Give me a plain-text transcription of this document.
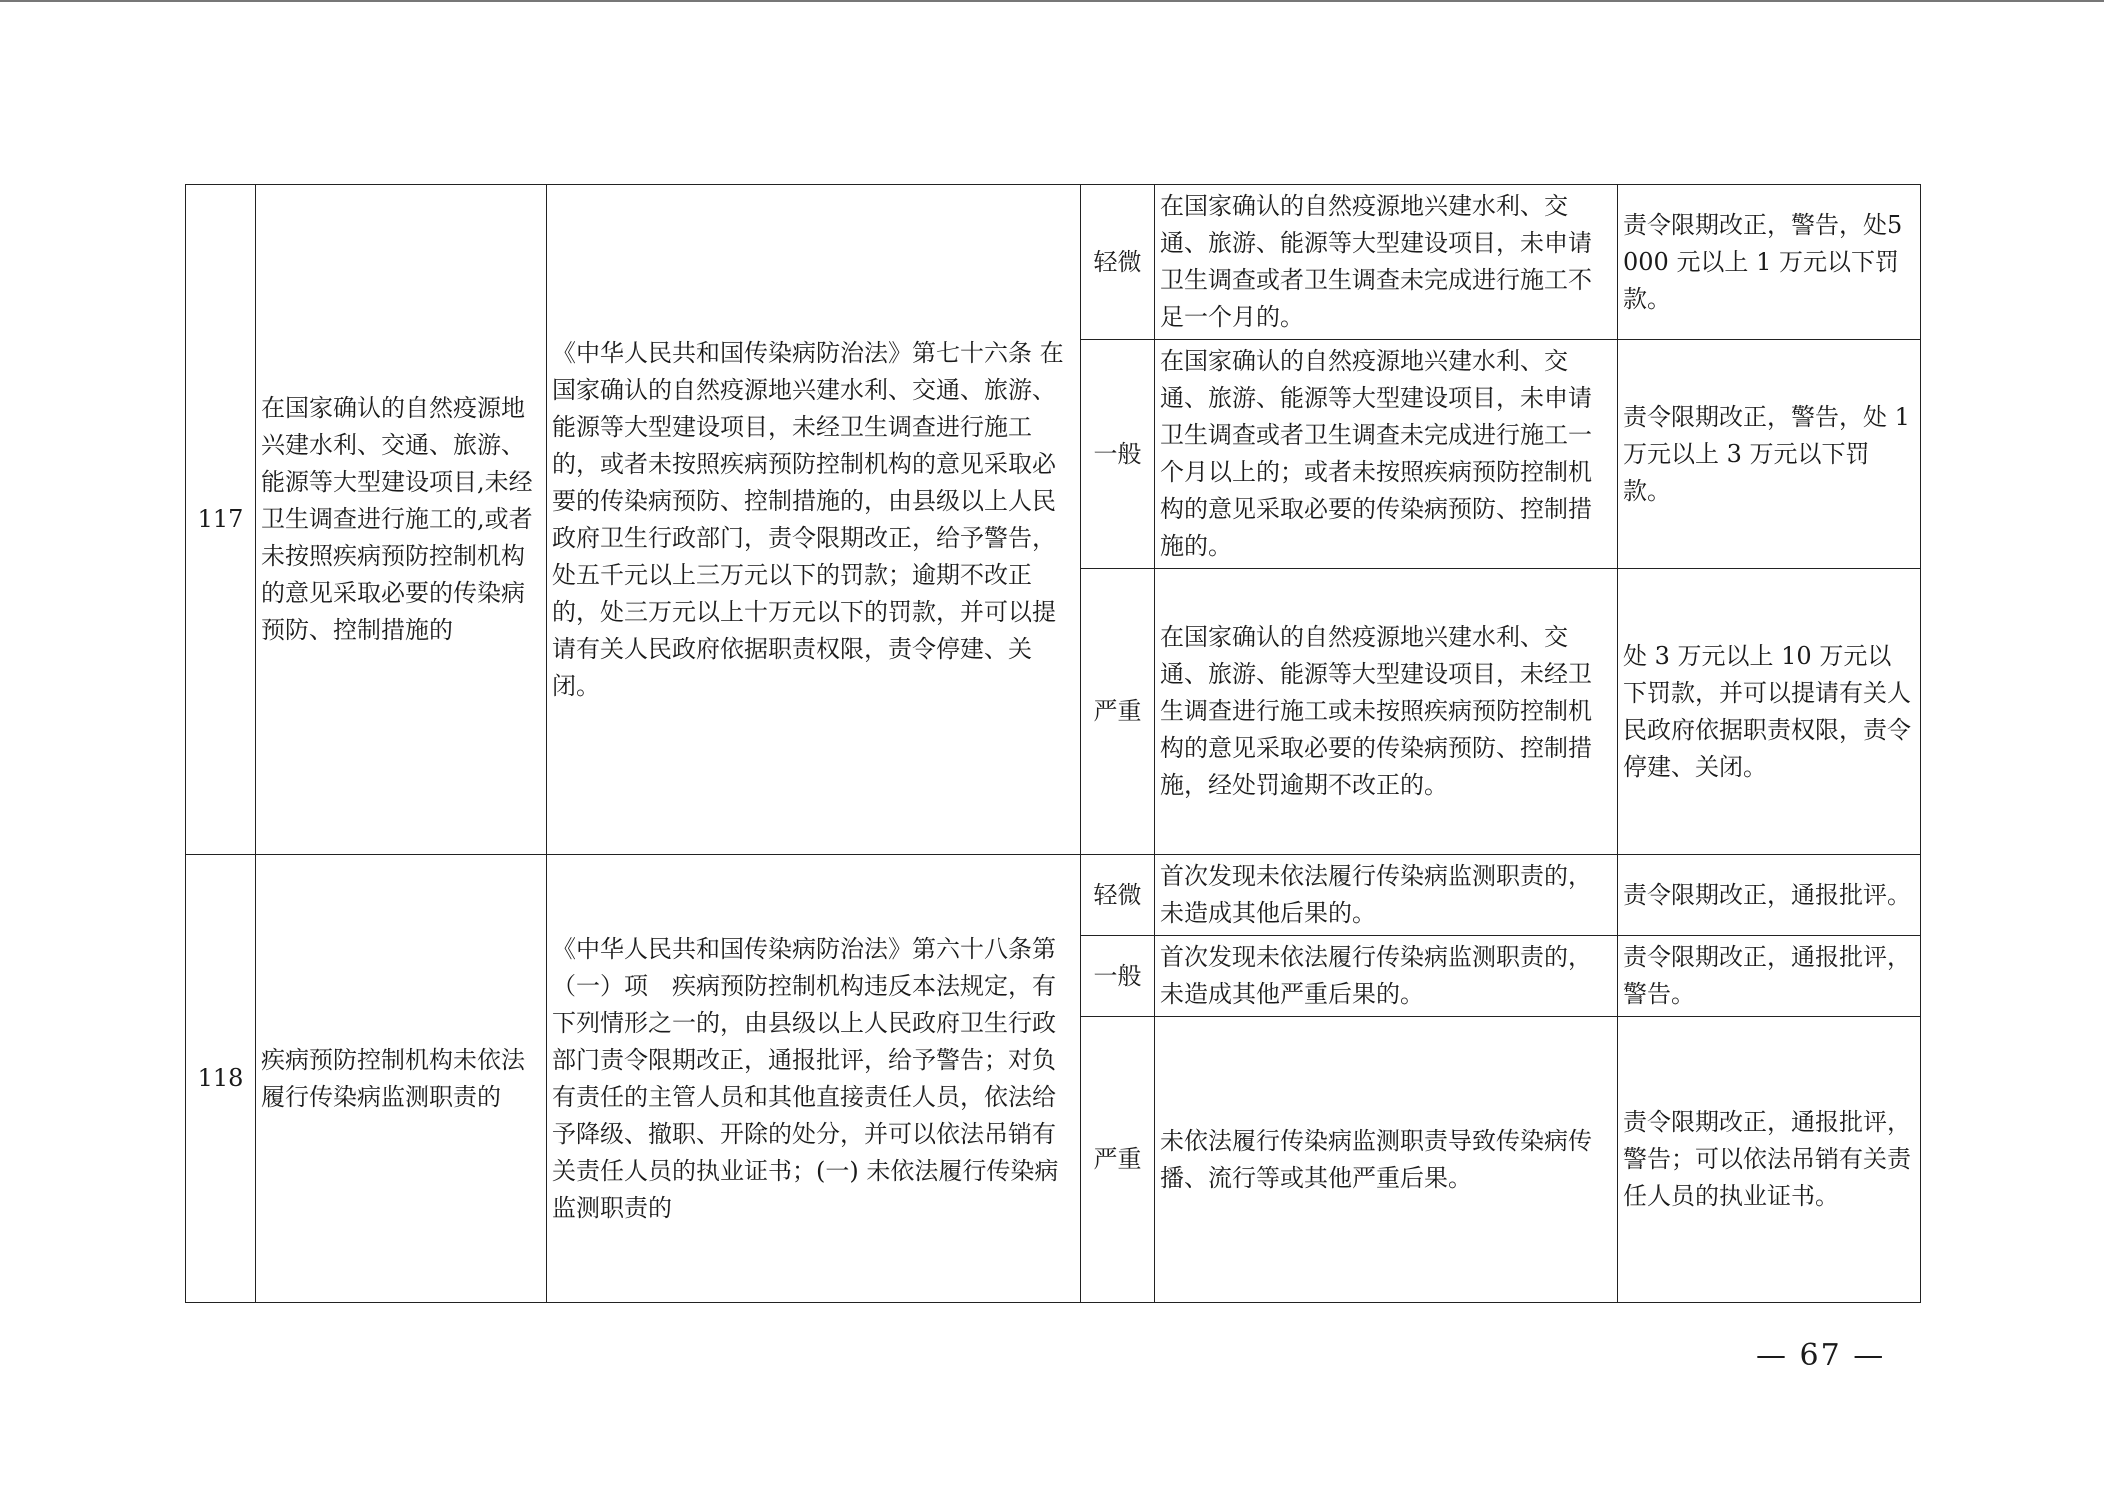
117	在国家确认的自然疫源地兴建水利、交通、旅游、能源等大型建设项目,未经卫生调查进行施工的,或者未按照疾病预防控制机构的意见采取必要的传染病预防、控制措施的	《中华人民共和国传染病防治法》第七十六条 在国家确认的自然疫源地兴建水利、交通、旅游、能源等大型建设项目，未经卫生调查进行施工的，或者未按照疾病预防控制机构的意见采取必要的传染病预防、控制措施的，由县级以上人民政府卫生行政部门，责令限期改正，给予警告，处五千元以上三万元以下的罚款；逾期不改正的，处三万元以上十万元以下的罚款，并可以提请有关人民政府依据职责权限，责令停建、关闭。	轻微	在国家确认的自然疫源地兴建水利、交通、旅游、能源等大型建设项目，未申请卫生调查或者卫生调查未完成进行施工不足一个月的。	责令限期改正，警告，处5000 元以上 1 万元以下罚款。
			一般	在国家确认的自然疫源地兴建水利、交通、旅游、能源等大型建设项目，未申请卫生调查或者卫生调查未完成进行施工一个月以上的；或者未按照疾病预防控制机构的意见采取必要的传染病预防、控制措施的。	责令限期改正，警告，处 1 万元以上 3 万元以下罚款。
			严重	在国家确认的自然疫源地兴建水利、交通、旅游、能源等大型建设项目，未经卫生调查进行施工或未按照疾病预防控制机构的意见采取必要的传染病预防、控制措施，经处罚逾期不改正的。	处 3 万元以上 10 万元以下罚款，并可以提请有关人民政府依据职责权限，责令停建、关闭。
118	疾病预防控制机构未依法履行传染病监测职责的	《中华人民共和国传染病防治法》第六十八条第（一）项　疾病预防控制机构违反本法规定，有下列情形之一的，由县级以上人民政府卫生行政部门责令限期改正，通报批评，给予警告；对负有责任的主管人员和其他直接责任人员，依法给予降级、撤职、开除的处分，并可以依法吊销有关责任人员的执业证书；(一) 未依法履行传染病监测职责的	轻微	首次发现未依法履行传染病监测职责的，未造成其他后果的。	责令限期改正，通报批评。
			一般	首次发现未依法履行传染病监测职责的，未造成其他严重后果的。	责令限期改正，通报批评，警告。
			严重	未依法履行传染病监测职责导致传染病传播、流行等或其他严重后果。	责令限期改正，通报批评，警告；可以依法吊销有关责任人员的执业证书。
— 67 —
